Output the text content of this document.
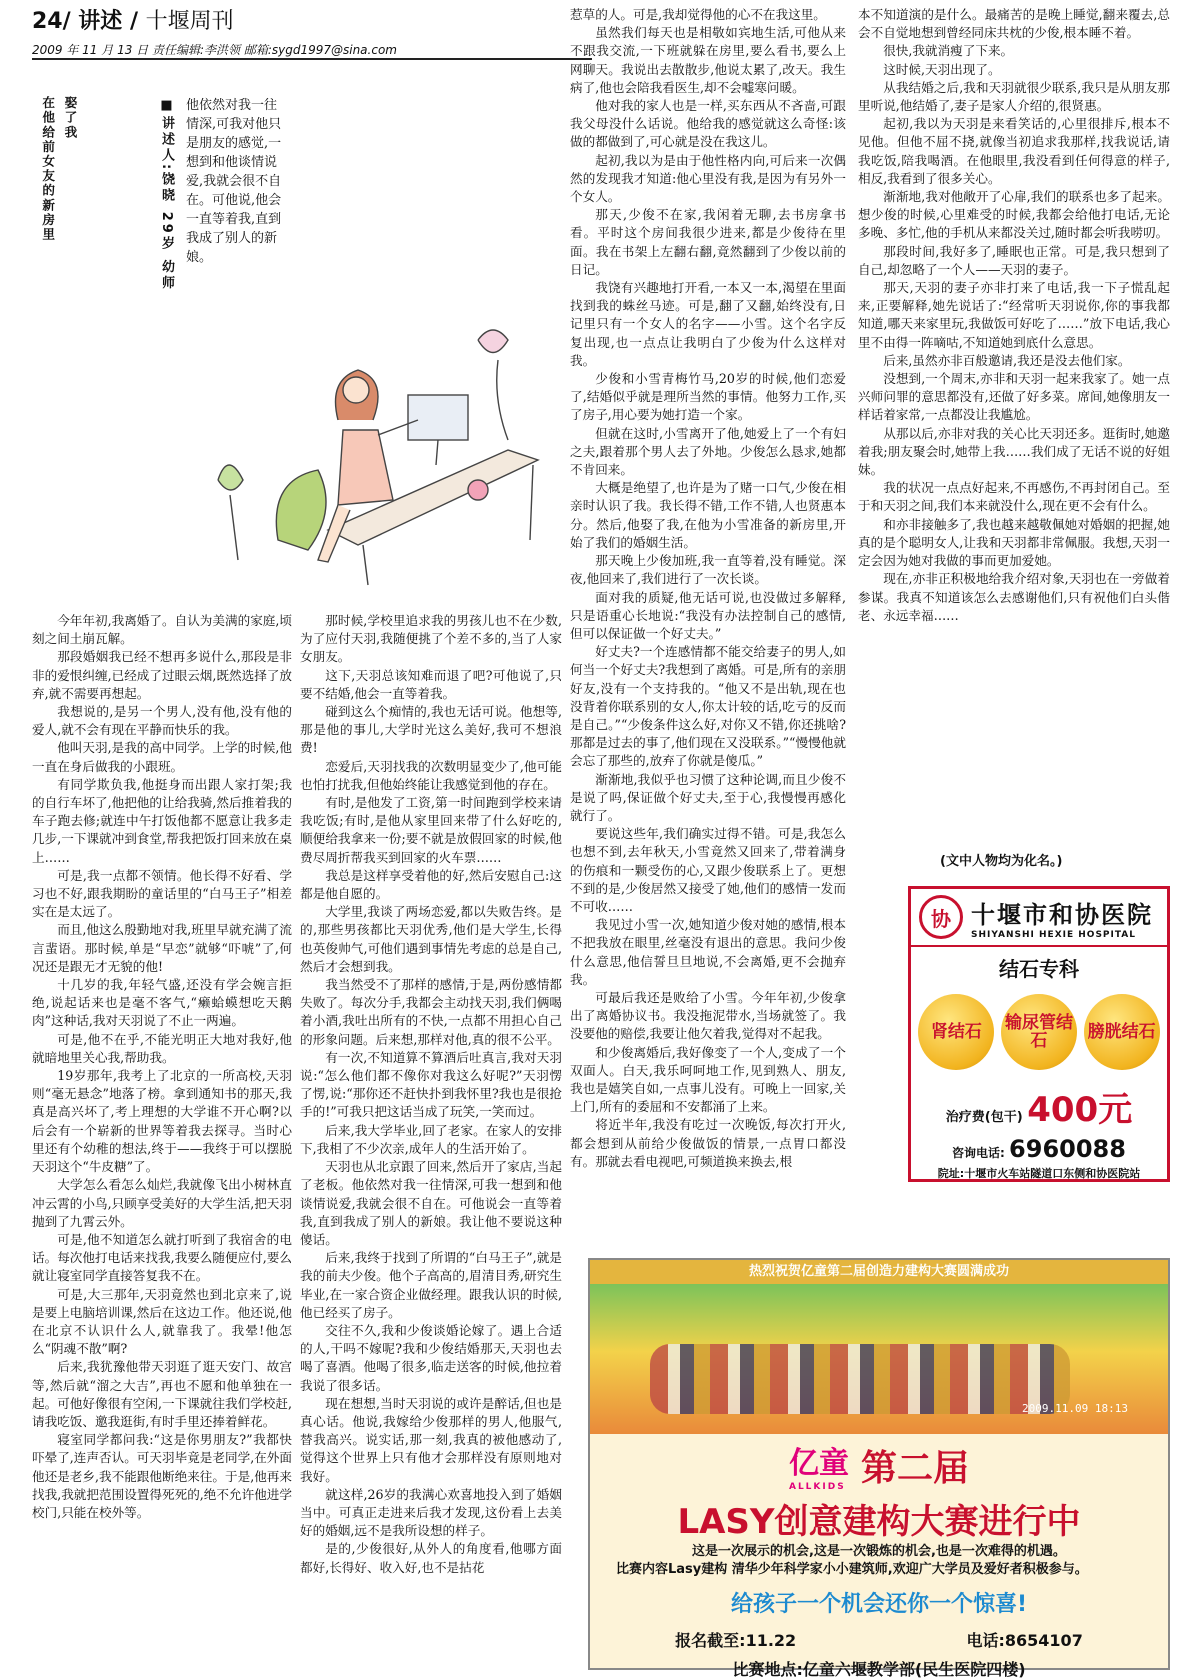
24/ 讲述 / 十堰周刊
2009 年 11 月 13 日 责任编辑:李洪领 邮箱:sygd1997@sina.com
娶了我
在他给前女友的新房里	■讲述人:饶晓 29岁 幼师 他依然对我一往情深,可我对他只是朋友的感觉,一想到和他谈情说爱,我就会很不自在。可他说,他会一直等着我,直到我成了别人的新娘。

今年年初,我离婚了。自认为美满的家庭,顷刻之间土崩瓦解。

那段婚姻我已经不想再多说什么,那段是非非的爱恨纠缠,已经成了过眼云烟,既然选择了放弃,就不需要再想起。

我想说的,是另一个男人,没有他,没有他的爱人,就不会有现在平静而快乐的我。

他叫天羽,是我的高中同学。上学的时候,他一直在身后做我的小跟班。

有同学欺负我,他挺身而出跟人家打架;我的自行车坏了,他把他的让给我骑,然后推着我的车子跑去修;就连中午打饭他都不愿意让我多走几步,一下课就冲到食堂,帮我把饭打回来放在桌上……

可是,我一点都不领情。他长得不好看、学习也不好,跟我期盼的童话里的“白马王子”相差实在是太远了。

而且,他这么殷勤地对我,班里早就充满了流言蜚语。那时候,单是“早恋”就够“吓唬”了,何况还是跟无才无貌的他!

十几岁的我,年轻气盛,还没有学会婉言拒绝,说起话来也是毫不客气,“癞蛤蟆想吃天鹅肉”这种话,我对天羽说了不止一两遍。

可是,他不在乎,不能光明正大地对我好,他就暗地里关心我,帮助我。

19岁那年,我考上了北京的一所高校,天羽则“毫无悬念”地落了榜。拿到通知书的那天,我真是高兴坏了,考上理想的大学谁不开心啊?以后会有一个崭新的世界等着我去探寻。当时心里还有个幼稚的想法,终于——我终于可以摆脱天羽这个“牛皮糖”了。

大学怎么看怎么灿烂,我就像飞出小树林直冲云霄的小鸟,只顾享受美好的大学生活,把天羽抛到了九霄云外。

可是,他不知道怎么就打听到了我宿舍的电话。每次他打电话来找我,我要么随便应付,要么就让寝室同学直接答复我不在。

可是,大三那年,天羽竟然也到北京来了,说是要上电脑培训课,然后在这边工作。他还说,他在北京不认识什么人,就靠我了。我晕!他怎么“阴魂不散”啊?

后来,我犹豫他带天羽逛了逛天安门、故宫等,然后就“溜之大吉”,再也不愿和他单独在一起。可他好像很有空闲,一下课就往我们学校赶,请我吃饭、邀我逛街,有时手里还捧着鲜花。

寝室同学都问我:“这是你男朋友?”我都快吓晕了,连声否认。可天羽毕竟是老同学,在外面他还是老乡,我不能跟他断绝来往。于是,他再来找我,我就把范围设置得死死的,绝不允许他进学校门,只能在校外等。

那时候,学校里追求我的男孩儿也不在少数,为了应付天羽,我随便挑了个差不多的,当了人家女朋友。

这下,天羽总该知难而退了吧?可他说了,只要不结婚,他会一直等着我。

碰到这么个痴情的,我也无话可说。他想等,那是他的事儿,大学时光这么美好,我可不想浪费!

恋爱后,天羽找我的次数明显变少了,他可能也怕打扰我,但他始终能让我感觉到他的存在。

有时,是他发了工资,第一时间跑到学校来请我吃饭;有时,是他从家里回来带了什么好吃的,顺便给我拿来一份;要不就是放假回家的时候,他费尽周折帮我买到回家的火车票……

我总是这样享受着他的好,然后安慰自己:这都是他自愿的。

大学里,我谈了两场恋爱,都以失败告终。是的,那些男孩都比天羽优秀,他们是大学生,长得也英俊帅气,可他们遇到事情先考虑的总是自己,然后才会想到我。

我当然受不了那样的感情,于是,两份感情都失败了。每次分手,我都会主动找天羽,我们俩喝着小酒,我吐出所有的不快,一点都不用担心自己的形象问题。后来想,那样对他,真的很不公平。

有一次,不知道算不算酒后吐真言,我对天羽说:“怎么他们都不像你对我这么好呢?”天羽愣了愣,说:“那你还不赶快扑到我怀里?我也是很抢手的!”可我只把这话当成了玩笑,一笑而过。

后来,我大学毕业,回了老家。在家人的安排下,我相了不少次亲,成年人的生活开始了。

天羽也从北京跟了回来,然后开了家店,当起了老板。他依然对我一往情深,可我一想到和他谈情说爱,我就会很不自在。可他说会一直等着我,直到我成了别人的新娘。我让他不要说这种傻话。

后来,我终于找到了所谓的“白马王子”,就是我的前夫少俊。他个子高高的,眉清目秀,研究生毕业,在一家合资企业做经理。跟我认识的时候,他已经买了房子。

交往不久,我和少俊谈婚论嫁了。遇上合适的人,干吗不嫁呢?我和少俊结婚那天,天羽也去喝了喜酒。他喝了很多,临走送客的时候,他拉着我说了很多话。

现在想想,当时天羽说的或许是醉话,但也是真心话。他说,我嫁给少俊那样的男人,他服气,替我高兴。说实话,那一刻,我真的被他感动了,觉得这个世界上只有他才会那样没有原则地对我好。

就这样,26岁的我满心欢喜地投入到了婚姻当中。可真正走进来后我才发现,这份看上去美好的婚姻,远不是我所设想的样子。

是的,少俊很好,从外人的角度看,他哪方面都好,长得好、收入好,也不是拈花

惹草的人。可是,我却觉得他的心不在我这里。

虽然我们每天也是相敬如宾地生活,可他从来不跟我交流,一下班就躲在房里,要么看书,要么上网聊天。我说出去散散步,他说太累了,改天。我生病了,他也会陪我看医生,却不会嘘寒问暖。

他对我的家人也是一样,买东西从不吝啬,可跟我父母没什么话说。他给我的感觉就这么奇怪:该做的都做到了,可心就是没在我这儿。

起初,我以为是由于他性格内向,可后来一次偶然的发现我才知道:他心里没有我,是因为有另外一个女人。

那天,少俊不在家,我闲着无聊,去书房拿书看。平时这个房间我很少进来,都是少俊待在里面。我在书架上左翻右翻,竟然翻到了少俊以前的日记。

我饶有兴趣地打开看,一本又一本,渴望在里面找到我的蛛丝马迹。可是,翻了又翻,始终没有,日记里只有一个女人的名字——小雪。这个名字反复出现,也一点点让我明白了少俊为什么这样对我。

少俊和小雪青梅竹马,20岁的时候,他们恋爱了,结婚似乎就是理所当然的事情。他努力工作,买了房子,用心要为她打造一个家。

但就在这时,小雪离开了他,她爱上了一个有妇之夫,跟着那个男人去了外地。少俊怎么恳求,她都不肯回来。

大概是绝望了,也许是为了赌一口气,少俊在相亲时认识了我。我长得不错,工作不错,人也贤惠本分。然后,他娶了我,在他为小雪准备的新房里,开始了我们的婚姻生活。

那天晚上少俊加班,我一直等着,没有睡觉。深夜,他回来了,我们进行了一次长谈。

面对我的质疑,他无话可说,也没做过多解释,只是语重心长地说:“我没有办法控制自己的感情,但可以保证做一个好丈夫。”

好丈夫?一个连感情都不能交给妻子的男人,如何当一个好丈夫?我想到了离婚。可是,所有的亲朋好友,没有一个支持我的。“他又不是出轨,现在也没背着你联系别的女人,你太计较的话,吃亏的反而是自己。”“少俊条件这么好,对你又不错,你还挑啥?那都是过去的事了,他们现在又没联系。”“慢慢他就会忘了那些的,放弃了你就是傻瓜。”

渐渐地,我似乎也习惯了这种论调,而且少俊不是说了吗,保证做个好丈夫,至于心,我慢慢再感化就行了。

要说这些年,我们确实过得不错。可是,我怎么也想不到,去年秋天,小雪竟然又回来了,带着满身的伤痕和一颗受伤的心,又跟少俊联系上了。更想不到的是,少俊居然又接受了她,他们的感情一发而不可收……

我见过小雪一次,她知道少俊对她的感情,根本不把我放在眼里,丝毫没有退出的意思。我问少俊什么意思,他信誓旦旦地说,不会离婚,更不会抛弃我。

可最后我还是败给了小雪。今年年初,少俊拿出了离婚协议书。我没拖泥带水,当场就签了。我没要他的赔偿,我要让他欠着我,觉得对不起我。

和少俊离婚后,我好像变了一个人,变成了一个双面人。白天,我乐呵呵地工作,见到熟人、朋友,我也是嬉笑自如,一点事儿没有。可晚上一回家,关上门,所有的委屈和不安都涌了上来。

将近半年,我没有吃过一次晚饭,每次打开火,都会想到从前给少俊做饭的情景,一点胃口都没有。那就去看电视吧,可频道换来换去,根

本不知道演的是什么。最痛苦的是晚上睡觉,翻来覆去,总会不自觉地想到曾经同床共枕的少俊,根本睡不着。

很快,我就消瘦了下来。

这时候,天羽出现了。

从我结婚之后,我和天羽就很少联系,我只是从朋友那里听说,他结婚了,妻子是家人介绍的,很贤惠。

起初,我以为天羽是来看笑话的,心里很排斥,根本不见他。但他不屈不挠,就像当初追求我那样,找我说话,请我吃饭,陪我喝酒。在他眼里,我没看到任何得意的样子,相反,我看到了很多关心。

渐渐地,我对他敞开了心扉,我们的联系也多了起来。想少俊的时候,心里难受的时候,我都会给他打电话,无论多晚、多忙,他的手机从来都没关过,随时都会听我唠叨。

那段时间,我好多了,睡眠也正常。可是,我只想到了自己,却忽略了一个人——天羽的妻子。

那天,天羽的妻子亦非打来了电话,我一下子慌乱起来,正要解释,她先说话了:“经常听天羽说你,你的事我都知道,哪天来家里玩,我做饭可好吃了……”放下电话,我心里不由得一阵嘀咕,不知道她到底什么意思。

后来,虽然亦非百般邀请,我还是没去他们家。

没想到,一个周末,亦非和天羽一起来我家了。她一点兴师问罪的意思都没有,还做了好多菜。席间,她像朋友一样话着家常,一点都没让我尴尬。

从那以后,亦非对我的关心比天羽还多。逛街时,她邀着我;朋友聚会时,她带上我……我们成了无话不说的好姐妹。

我的状况一点点好起来,不再感伤,不再封闭自己。至于和天羽之间,我们本来就没什么,现在更不会有什么。

和亦非接触多了,我也越来越敬佩她对婚姻的把握,她真的是个聪明女人,让我和天羽都非常佩服。我想,天羽一定会因为她对我做的事而更加爱她。

现在,亦非正积极地给我介绍对象,天羽也在一旁做着参谋。我真不知道该怎么去感谢他们,只有祝他们白头偕老、永远幸福……

(文中人物均为化名。)
协 十堰市和协医院
SHIYANSHI HEXIE HOSPITAL
结石专科
肾结石	输尿管结石	膀胱结石
治疗费(包干) 400元
咨询电话: 6960088
院址:十堰市火车站隧道口东侧和协医院站
热烈祝贺亿童第二届创造力建构大赛圆满成功
2009.11.09 18:13
亿童
ALLKIDS 第二届
LASY创意建构大赛进行中

这是一次展示的机会,这是一次锻炼的机会,也是一次难得的机遇。

比赛内容Lasy建构 清华少年科学家小小建筑师,欢迎广大学员及爱好者积极参与。

给孩子一个机会还你一个惊喜!
报名截至:11.22	电话:8654107
比赛地点:亿童六堰教学部(民生医院四楼)
